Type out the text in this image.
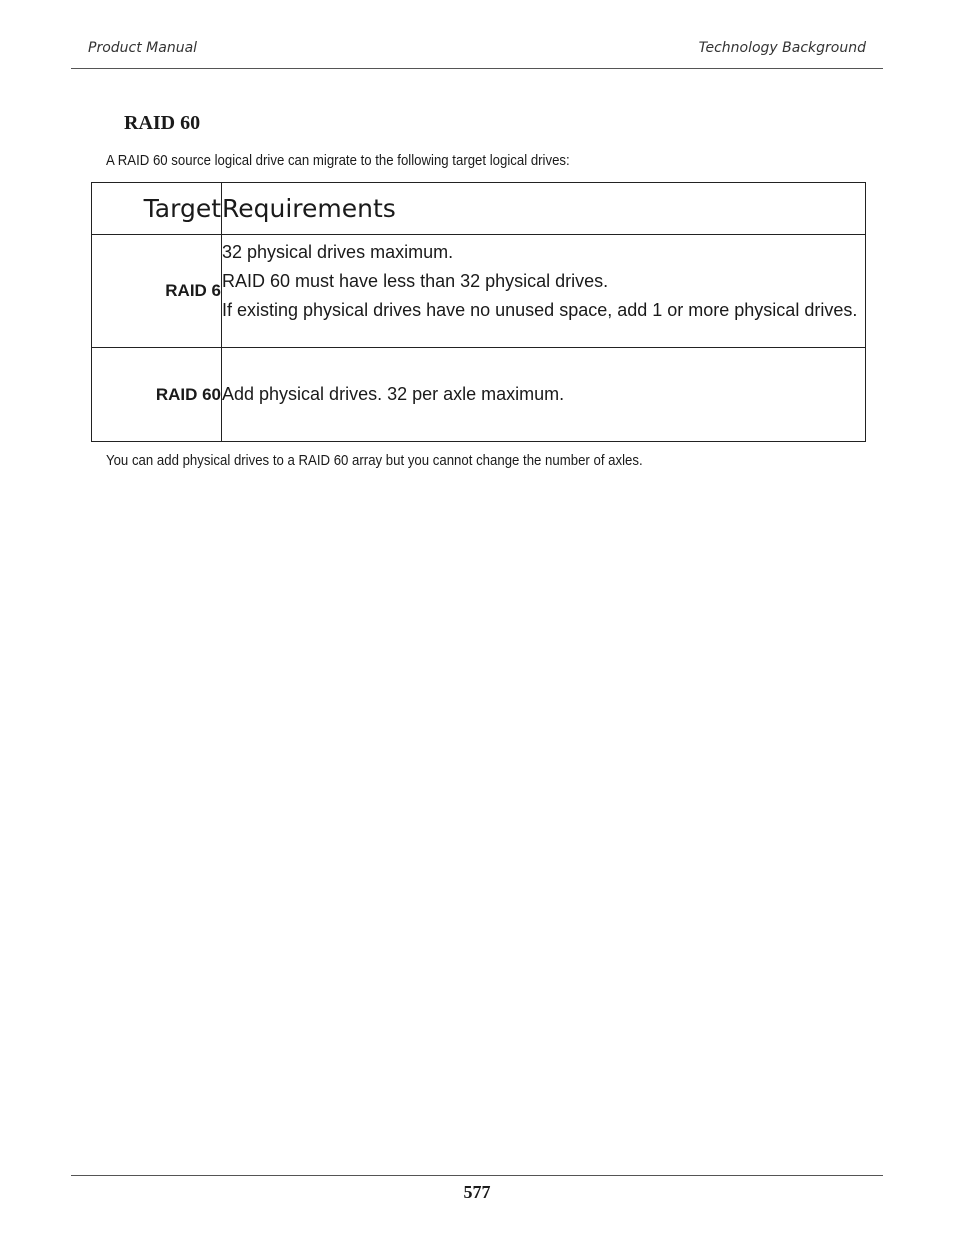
Product Manual	Technology Background
RAID 60
A RAID 60 source logical drive can migrate to the following target logical drives:
Target	Requirements
RAID 6	32 physical drives maximum.

RAID 60 must have less than 32 physical drives.

If existing physical drives have no unused space, add 1 or more physical drives.

RAID 60	Add physical drives. 32 per axle maximum.

You can add physical drives to a RAID 60 array but you cannot change the number of axles.
577
